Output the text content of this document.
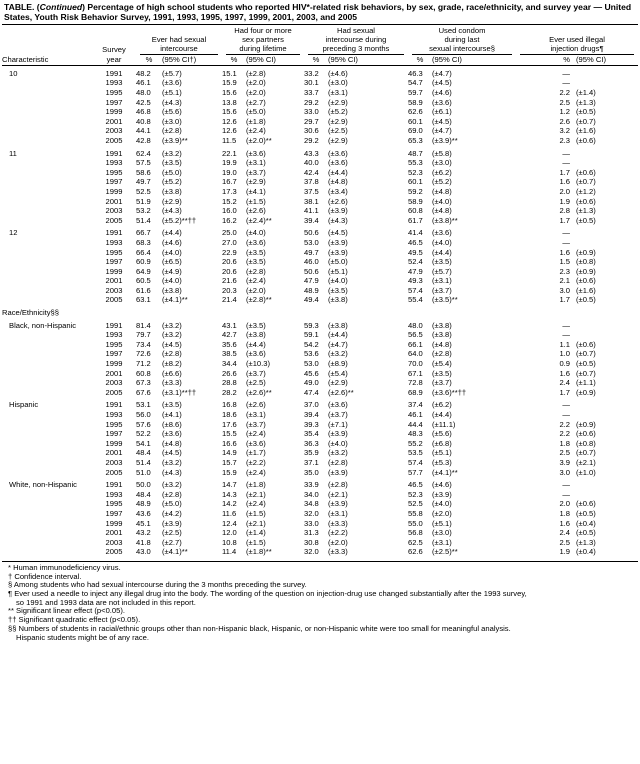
TABLE. (Continued) Percentage of high school students who reported HIV*-related risk behaviors, by sex, grade, race/ethnicity, and survey year — United States, Youth Risk Behavior Survey, 1991, 1993, 1995, 1997, 1999, 2001, 2003, and 2005
				Had four or more		Had sexual		Used condom			
		Ever had sexual		sex partners		intercourse during		during last		Ever used illegal	
	Survey	intercourse		during lifetime		preceding 3 months		sexual intercourse§		injection drugs¶	

Characteristic	year	%	(95% CI†)	%	(95% CI)	%	(95% CI)	%	(95% CI)	%	(95% CI)
10	1991	48.2	(±5.7)	15.1	(±2.8)	33.2	(±4.6)	46.3	(±4.7)	—	
	1993	46.1	(±3.6)	15.9	(±2.0)	30.1	(±3.0)	54.7	(±4.5)	—	
	1995	48.0	(±5.1)	15.6	(±2.0)	33.7	(±3.1)	59.7	(±4.6)	2.2	(±1.4)
	1997	42.5	(±4.3)	13.8	(±2.7)	29.2	(±2.9)	58.9	(±3.6)	2.5	(±1.3)
	1999	46.8	(±5.6)	15.6	(±5.0)	33.0	(±5.2)	62.6	(±6.1)	1.2	(±0.5)
	2001	40.8	(±3.0)	12.6	(±1.8)	29.7	(±2.9)	60.1	(±4.5)	2.6	(±0.7)
	2003	44.1	(±2.8)	12.6	(±2.4)	30.6	(±2.5)	69.0	(±4.7)	3.2	(±1.6)
	2005	42.8	(±3.9)**	11.5	(±2.0)**	29.2	(±2.9)	65.3	(±3.9)**	2.3	(±0.6)
11	1991	62.4	(±3.2)	22.1	(±3.6)	43.3	(±3.6)	48.7	(±5.8)	—	
	1993	57.5	(±3.5)	19.9	(±3.1)	40.0	(±3.6)	55.3	(±3.0)	—	
	1995	58.6	(±5.0)	19.0	(±3.7)	42.4	(±4.4)	52.3	(±6.2)	1.7	(±0.6)
	1997	49.7	(±5.2)	16.7	(±2.9)	37.8	(±4.8)	60.1	(±5.2)	1.6	(±0.7)
	1999	52.5	(±3.8)	17.3	(±4.1)	37.5	(±3.4)	59.2	(±4.8)	2.0	(±1.2)
	2001	51.9	(±2.9)	15.2	(±1.5)	38.1	(±2.6)	58.9	(±4.0)	1.9	(±0.6)
	2003	53.2	(±4.3)	16.0	(±2.6)	41.1	(±3.9)	60.8	(±4.8)	2.8	(±1.3)
	2005	51.4	(±5.2)**††	16.2	(±2.4)**	39.4	(±4.3)	61.7	(±3.8)**	1.7	(±0.5)
12	1991	66.7	(±4.4)	25.0	(±4.0)	50.6	(±4.5)	41.4	(±3.6)	—	
	1993	68.3	(±4.6)	27.0	(±3.6)	53.0	(±3.9)	46.5	(±4.0)	—	
	1995	66.4	(±4.0)	22.9	(±3.5)	49.7	(±3.9)	49.5	(±4.4)	1.6	(±0.9)
	1997	60.9	(±6.5)	20.6	(±3.5)	46.0	(±5.0)	52.4	(±3.5)	1.5	(±0.8)
	1999	64.9	(±4.9)	20.6	(±2.8)	50.6	(±5.1)	47.9	(±5.7)	2.3	(±0.9)
	2001	60.5	(±4.0)	21.6	(±2.4)	47.9	(±4.0)	49.3	(±3.1)	2.1	(±0.6)
	2003	61.6	(±3.8)	20.3	(±2.0)	48.9	(±3.5)	57.4	(±3.7)	3.0	(±1.6)
	2005	63.1	(±4.1)**	21.4	(±2.8)**	49.4	(±3.8)	55.4	(±3.5)**	1.7	(±0.5)
Race/Ethnicity§§											
Black, non-Hispanic	1991	81.4	(±3.2)	43.1	(±3.5)	59.3	(±3.8)	48.0	(±3.8)	—	
	1993	79.7	(±3.2)	42.7	(±3.8)	59.1	(±4.4)	56.5	(±3.8)	—	
	1995	73.4	(±4.5)	35.6	(±4.4)	54.2	(±4.7)	66.1	(±4.8)	1.1	(±0.6)
	1997	72.6	(±2.8)	38.5	(±3.6)	53.6	(±3.2)	64.0	(±2.8)	1.0	(±0.7)
	1999	71.2	(±8.2)	34.4	(±10.3)	53.0	(±8.9)	70.0	(±5.4)	0.9	(±0.5)
	2001	60.8	(±6.6)	26.6	(±3.7)	45.6	(±5.4)	67.1	(±3.5)	1.6	(±0.7)
	2003	67.3	(±3.3)	28.8	(±2.5)	49.0	(±2.9)	72.8	(±3.7)	2.4	(±1.1)
	2005	67.6	(±3.1)**††	28.2	(±2.6)**	47.4	(±2.6)**	68.9	(±3.6)**††	1.7	(±0.9)
Hispanic	1991	53.1	(±3.5)	16.8	(±2.6)	37.0	(±3.6)	37.4	(±6.2)	—	
	1993	56.0	(±4.1)	18.6	(±3.1)	39.4	(±3.7)	46.1	(±4.4)	—	
	1995	57.6	(±8.6)	17.6	(±3.7)	39.3	(±7.1)	44.4	(±11.1)	2.2	(±0.9)
	1997	52.2	(±3.6)	15.5	(±2.4)	35.4	(±3.9)	48.3	(±5.6)	2.2	(±0.6)
	1999	54.1	(±4.8)	16.6	(±3.6)	36.3	(±4.0)	55.2	(±6.8)	1.8	(±0.8)
	2001	48.4	(±4.5)	14.9	(±1.7)	35.9	(±3.2)	53.5	(±5.1)	2.5	(±0.7)
	2003	51.4	(±3.2)	15.7	(±2.2)	37.1	(±2.8)	57.4	(±5.3)	3.9	(±2.1)
	2005	51.0	(±4.3)	15.9	(±2.4)	35.0	(±3.9)	57.7	(±4.1)**	3.0	(±1.0)
White, non-Hispanic	1991	50.0	(±3.2)	14.7	(±1.8)	33.9	(±2.8)	46.5	(±4.6)	—	
	1993	48.4	(±2.8)	14.3	(±2.1)	34.0	(±2.1)	52.3	(±3.9)	—	
	1995	48.9	(±5.0)	14.2	(±2.4)	34.8	(±3.9)	52.5	(±4.0)	2.0	(±0.6)
	1997	43.6	(±4.2)	11.6	(±1.5)	32.0	(±3.1)	55.8	(±2.0)	1.8	(±0.5)
	1999	45.1	(±3.9)	12.4	(±2.1)	33.0	(±3.3)	55.0	(±5.1)	1.6	(±0.4)
	2001	43.2	(±2.5)	12.0	(±1.4)	31.3	(±2.2)	56.8	(±3.0)	2.4	(±0.5)
	2003	41.8	(±2.7)	10.8	(±1.5)	30.8	(±2.0)	62.5	(±3.1)	2.5	(±1.3)
	2005	43.0	(±4.1)**	11.4	(±1.8)**	32.0	(±3.3)	62.6	(±2.5)**	1.9	(±0.4)
* Human immunodeficiency virus.
† Confidence interval.
§ Among students who had sexual intercourse during the 3 months preceding the survey.
¶ Ever used a needle to inject any illegal drug into the body. The wording of the question on injection-drug use changed substantially after the 1993 survey,
so 1991 and 1993 data are not included in this report.
** Significant linear effect (p<0.05).
†† Significant quadratic effect (p<0.05).
§§ Numbers of students in racial/ethnic groups other than non-Hispanic black, Hispanic, or non-Hispanic white were too small for meaningful analysis.
Hispanic students might be of any race.
